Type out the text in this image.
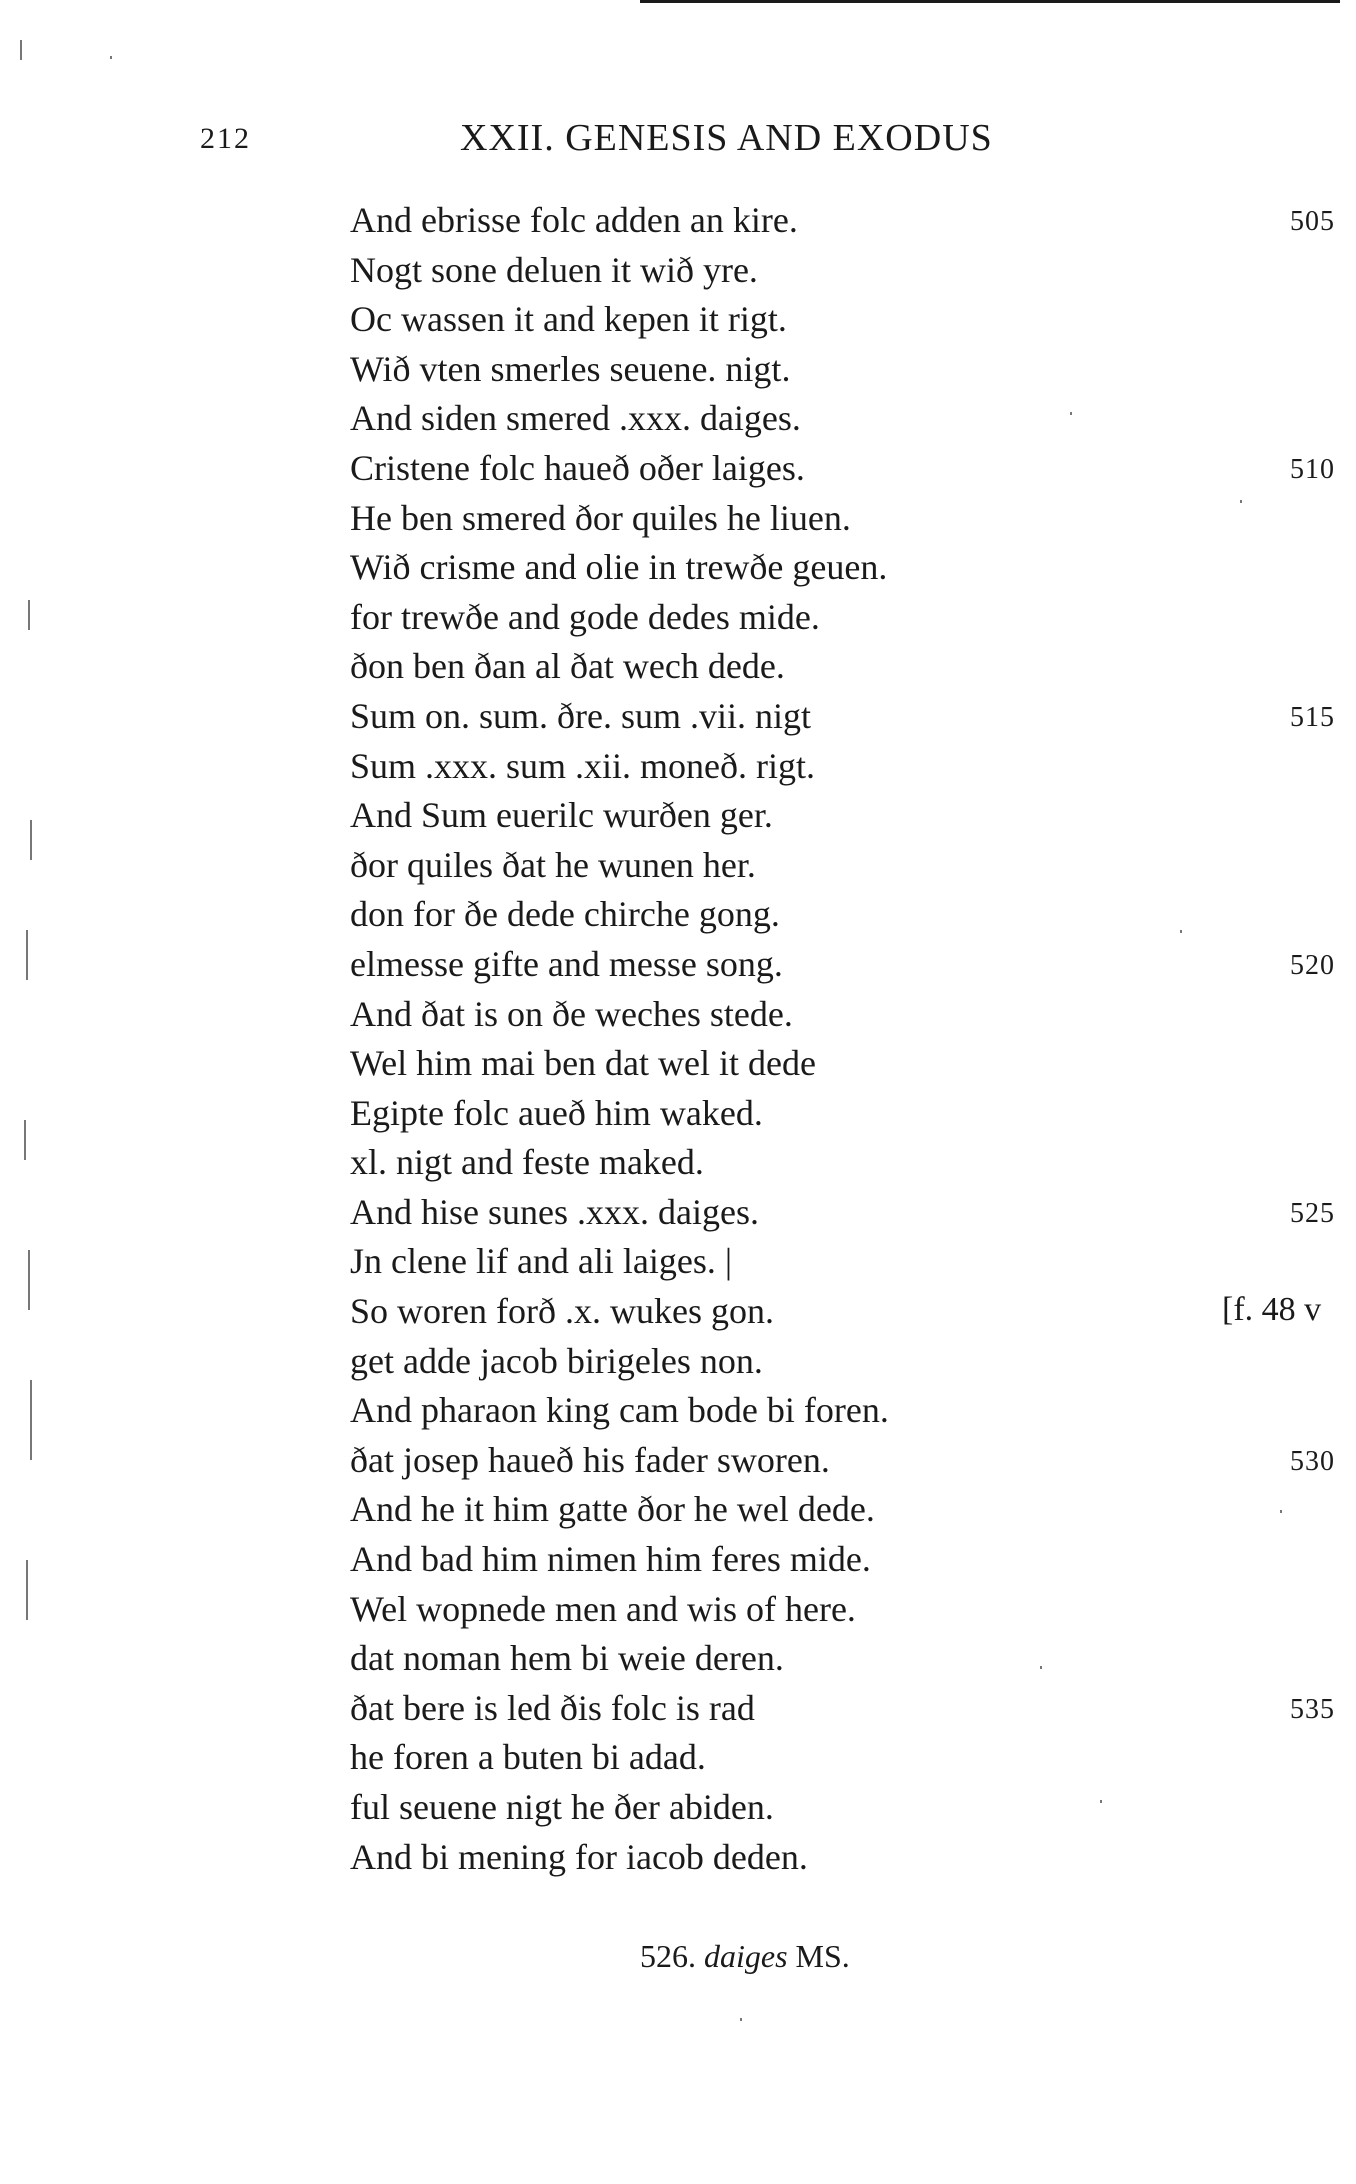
212	XXII. GENESIS AND EXODUS
And ebrisse folc adden an kire.
Nogt sone deluen it wið yre.
Oc wassen it and kepen it rigt.
Wið vten smerles seuene. nigt.
And siden smered .xxx. daiges.
Cristene folc haueð oðer laiges.
He ben smered ðor quiles he liuen.
Wið crisme and olie in trewðe geuen.
for trewðe and gode dedes mide.
ðon ben ðan al ðat wech dede.
Sum on. sum. ðre. sum .vii. nigt
Sum .xxx. sum .xii. moneð. rigt.
And Sum euerilc wurðen ger.
ðor quiles ðat he wunen her.
don for ðe dede chirche gong.
elmesse gifte and messe song.
And ðat is on ðe weches stede.
Wel him mai ben dat wel it dede
Egipte folc aueð him waked.
xl. nigt and feste maked.
And hise sunes .xxx. daiges.
Jn clene lif and ali laiges. |
So woren forð .x. wukes gon.
get adde jacob birigeles non.
And pharaon king cam bode bi foren.
ðat josep haueð his fader sworen.
And he it him gatte ðor he wel dede.
And bad him nimen him feres mide.
Wel wopnede men and wis of here.
dat noman hem bi weie deren.
ðat bere is led ðis folc is rad
he foren a buten bi adad.
ful seuene nigt he ðer abiden.
And bi mening for iacob deden.
505
510
515
520
525
530
535
[f. 48 v
526. daiges MS.
